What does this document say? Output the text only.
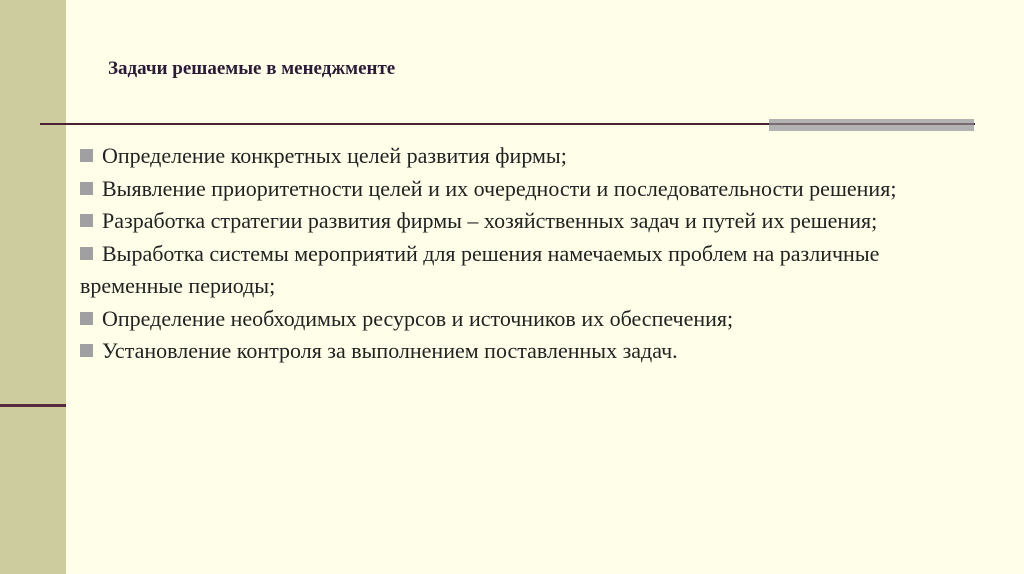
Задачи решаемые в менеджменте

Определение конкретных целей развития фирмы;

Выявление приоритетности целей и их очередности и последовательности решения;

Разработка стратегии развития фирмы – хозяйственных задач и путей их решения;

Выработка системы мероприятий для решения намечаемых проблем на различные временные периоды;

Определение необходимых ресурсов и источников их обеспечения;

Установление контроля за выполнением поставленных задач.
